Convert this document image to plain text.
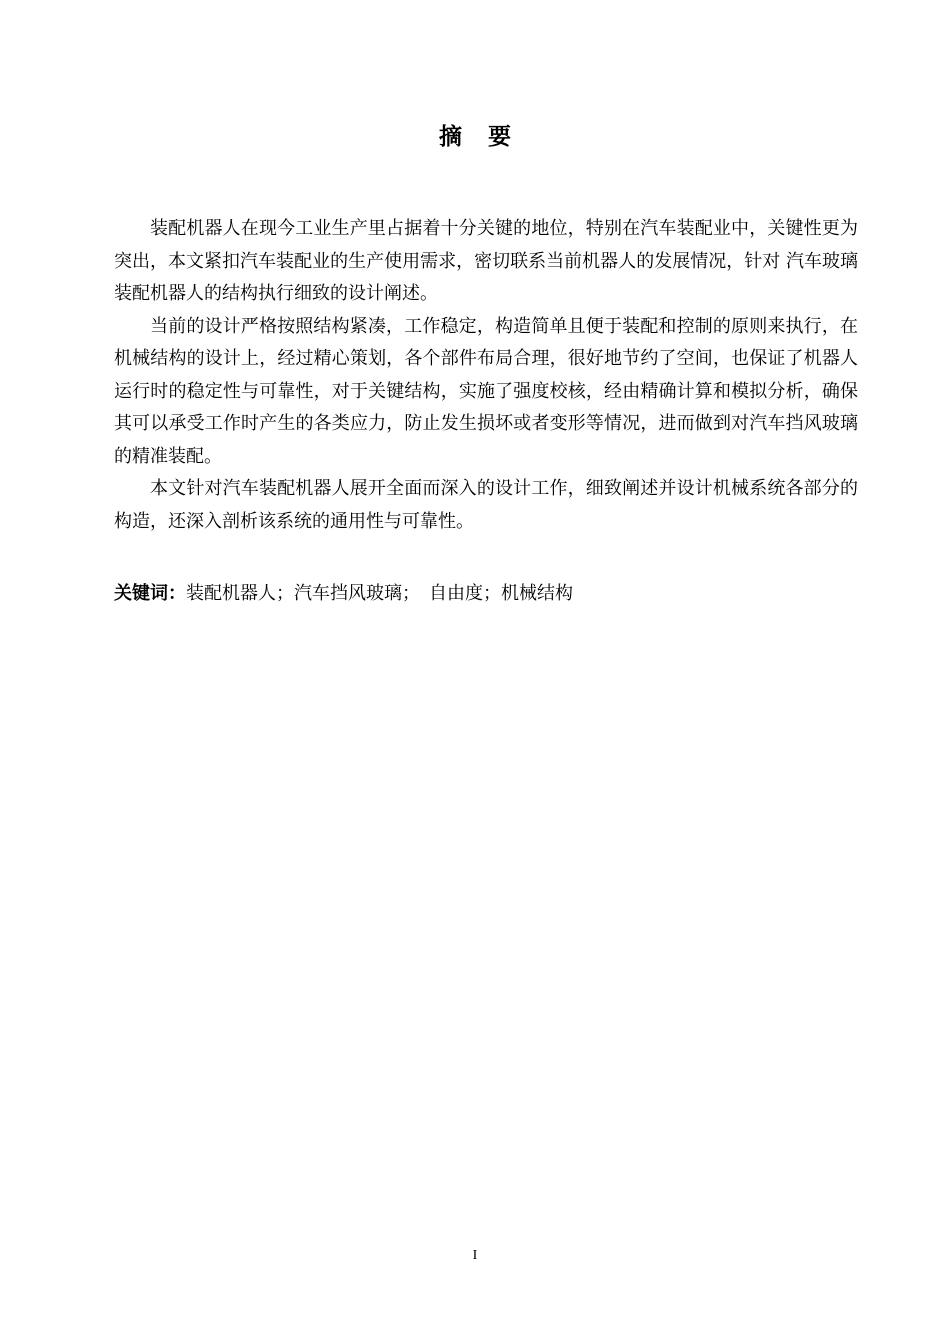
摘 要

装配机器人在现今工业生产里占据着十分关键的地位，特别在汽车装配业中，关键性更为突出，本文紧扣汽车装配业的生产使用需求，密切联系当前机器人的发展情况，针对 汽车玻璃装配机器人的结构执行细致的设计阐述。

当前的设计严格按照结构紧凑，工作稳定，构造简单且便于装配和控制的原则来执行，在机械结构的设计上，经过精心策划，各个部件布局合理，很好地节约了空间，也保证了机器人运行时的稳定性与可靠性，对于关键结构，实施了强度校核，经由精确计算和模拟分析，确保其可以承受工作时产生的各类应力，防止发生损坏或者变形等情况，进而做到对汽车挡风玻璃的精准装配。

本文针对汽车装配机器人展开全面而深入的设计工作，细致阐述并设计机械系统各部分的构造，还深入剖析该系统的通用性与可靠性。

关键词：装配机器人；汽车挡风玻璃；　自由度；机械结构
I
